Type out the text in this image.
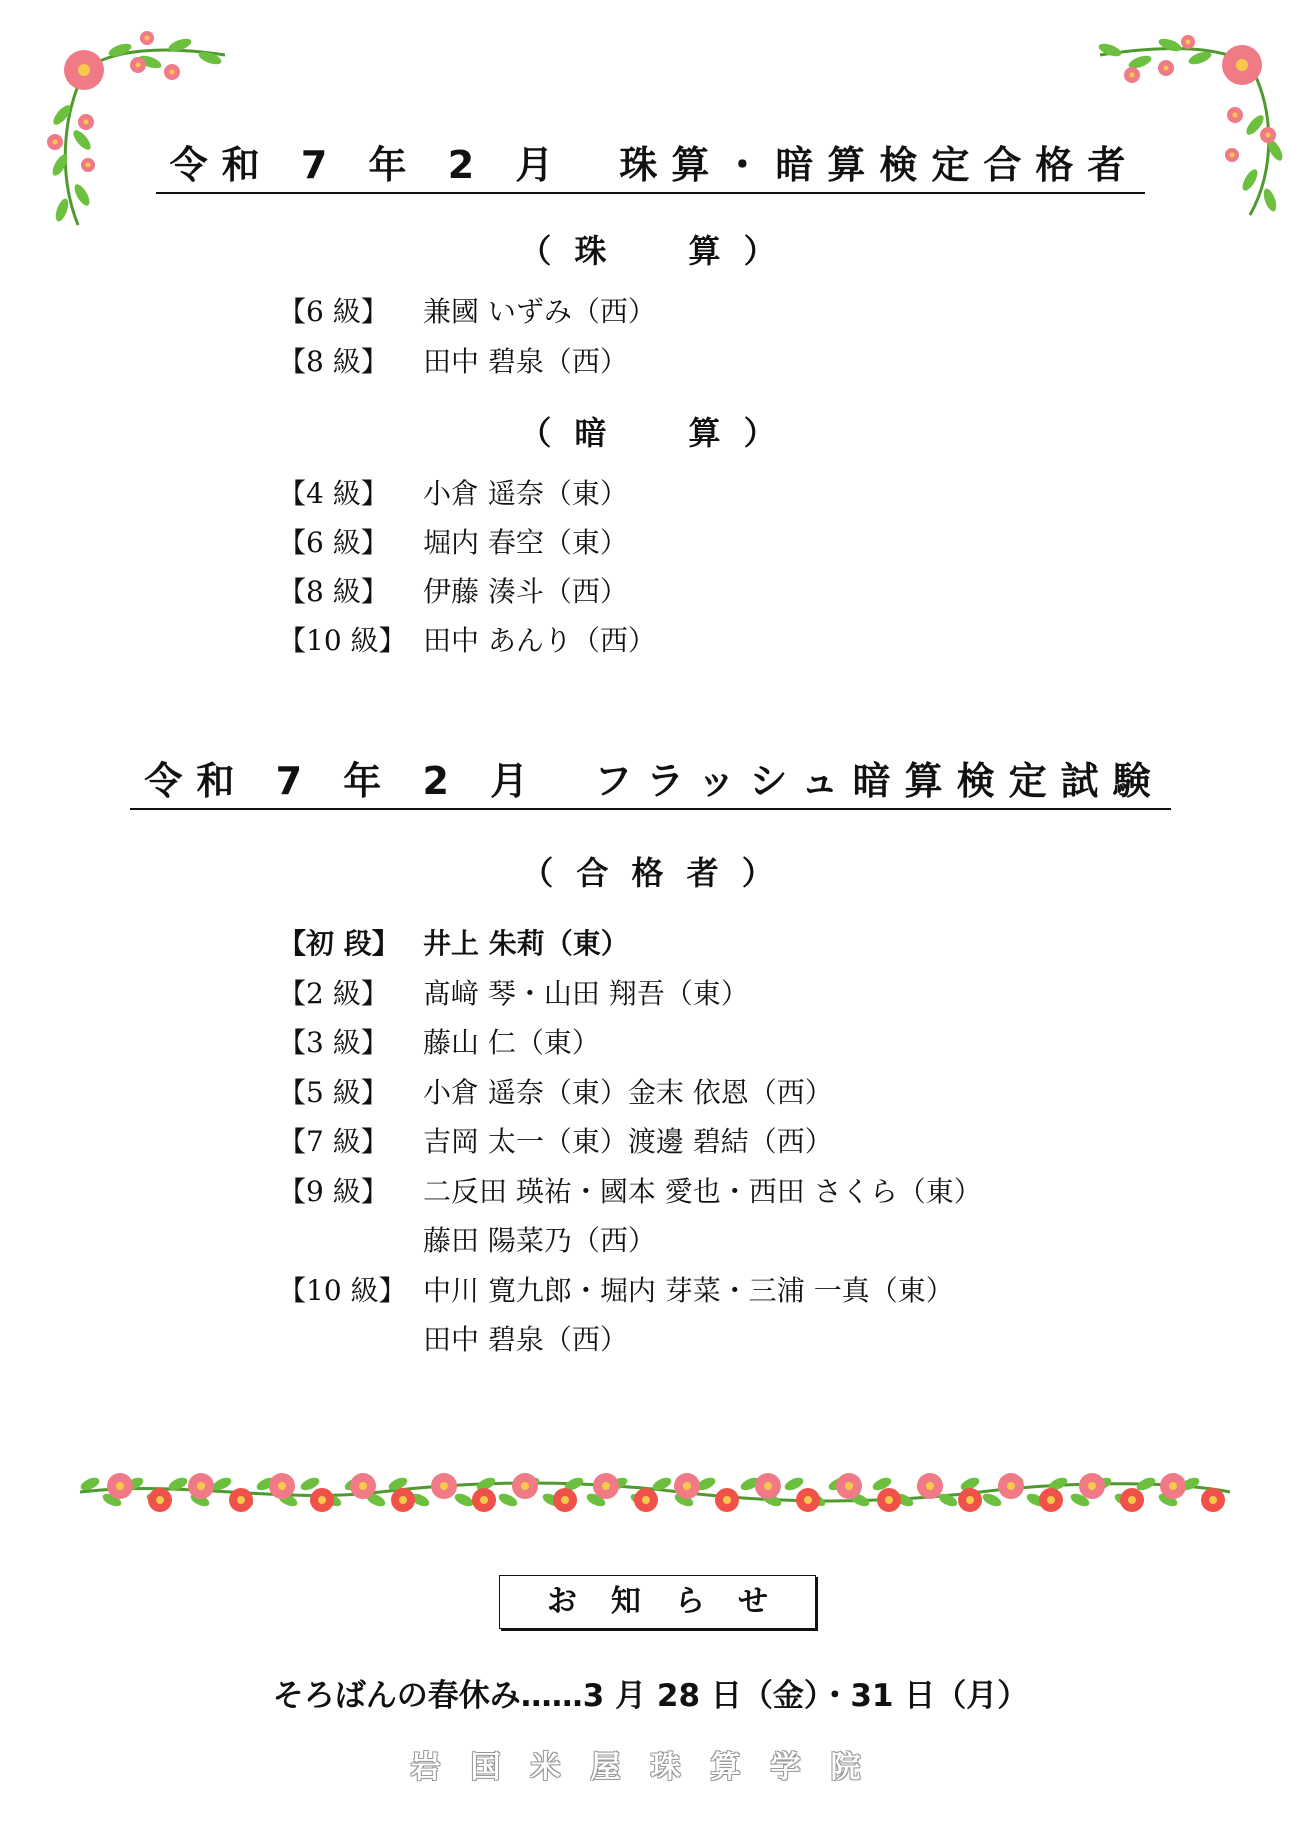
令和 7 年 2 月　珠算・暗算検定合格者
（ 珠　　算 ）
【6 級】 兼國 いずみ（西）
【8 級】 田中 碧泉（西）
（ 暗　　算 ）
【4 級】 小倉 遥奈（東）
【6 級】 堀内 春空（東）
【8 級】 伊藤 湊斗（西）
【10 級】 田中 あんり（西）
令和 7 年 2 月　フラッシュ暗算検定試験
（ 合 格 者 ）
【初 段】 井上 朱莉（東）
【2 級】 髙﨑 琴・山田 翔吾（東）
【3 級】 藤山 仁（東）
【5 級】 小倉 遥奈（東）金末 依恩（西）
【7 級】 吉岡 太一（東）渡邊 碧結（西）
【9 級】 二反田 瑛祐・國本 愛也・西田 さくら（東）
藤田 陽菜乃（西）
【10 級】 中川 寛九郎・堀内 芽菜・三浦 一真（東）
田中 碧泉（西）
お知らせ
そろばんの春休み……3 月 28 日（金）・31 日（月）
岩国米屋珠算学院
